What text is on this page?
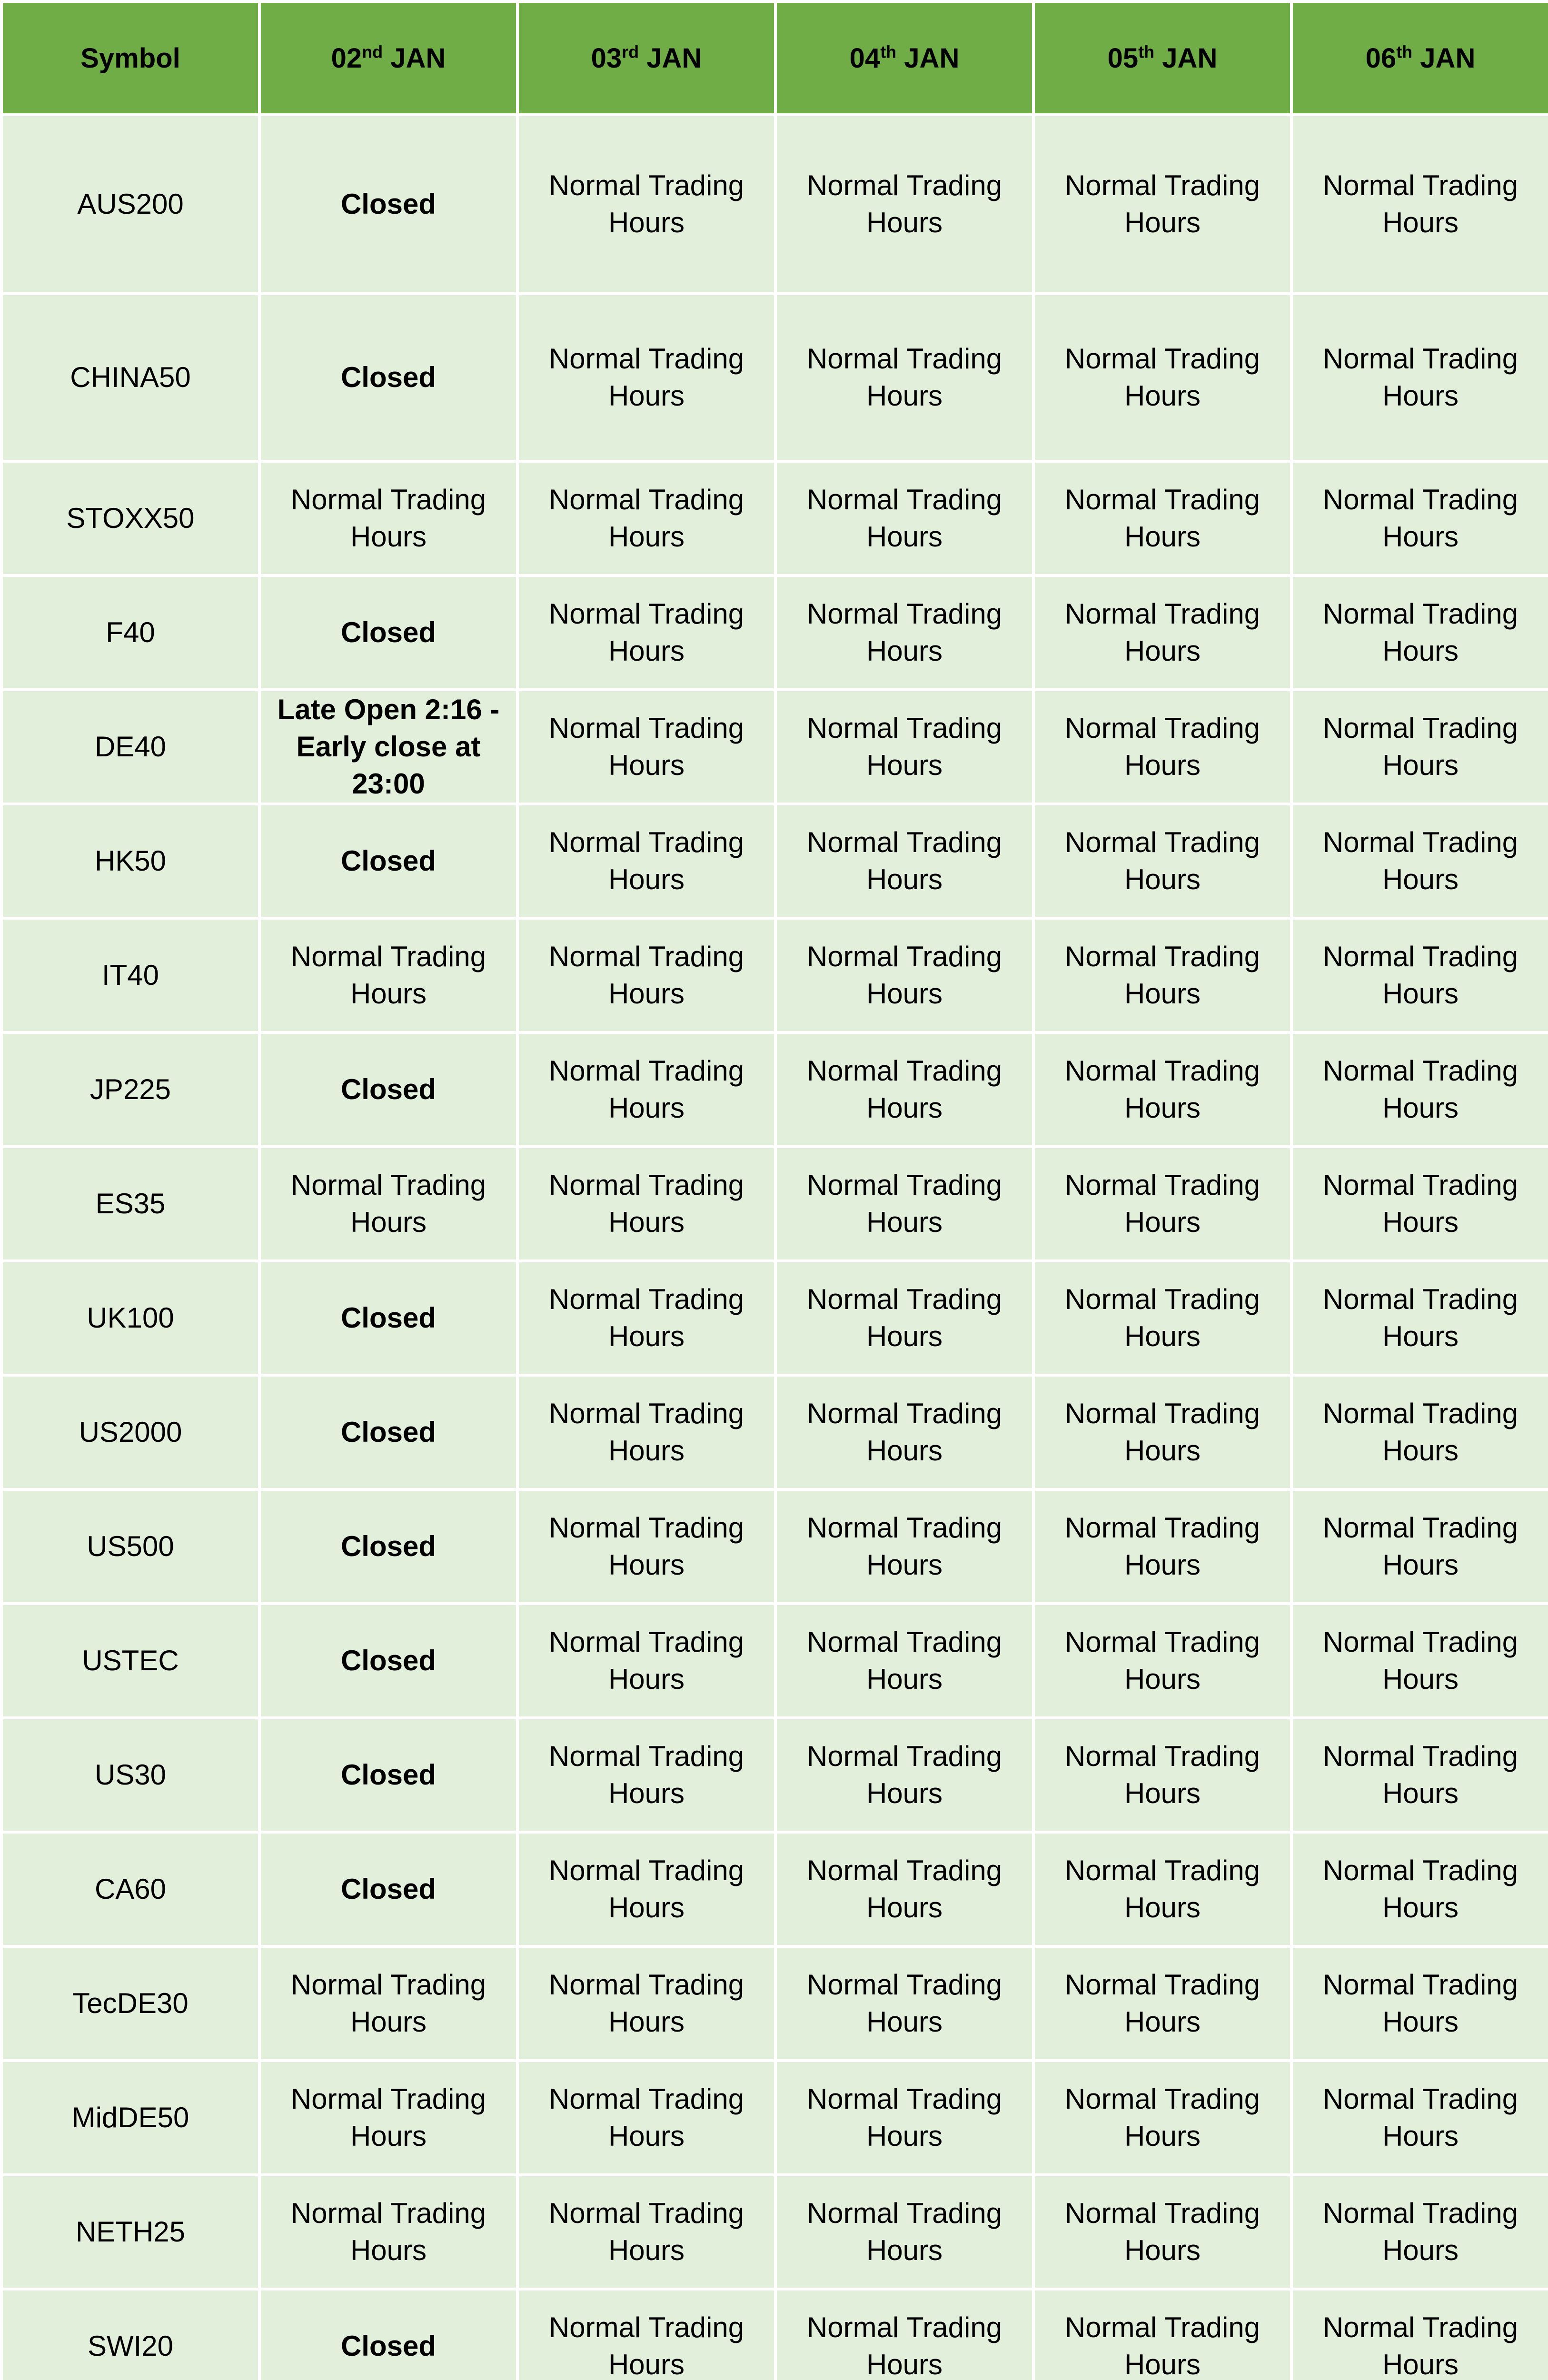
Symbol	02nd JAN	03rd JAN	04th JAN	05th JAN	06th JAN
AUS200	Closed	Normal Trading Hours	Normal Trading Hours	Normal Trading Hours	Normal Trading Hours
CHINA50	Closed	Normal Trading Hours	Normal Trading Hours	Normal Trading Hours	Normal Trading Hours
STOXX50	Normal Trading Hours	Normal Trading Hours	Normal Trading Hours	Normal Trading Hours	Normal Trading Hours
F40	Closed	Normal Trading Hours	Normal Trading Hours	Normal Trading Hours	Normal Trading Hours
DE40	Late Open 2:16 - Early close at 23:00	Normal Trading Hours	Normal Trading Hours	Normal Trading Hours	Normal Trading Hours
HK50	Closed	Normal Trading Hours	Normal Trading Hours	Normal Trading Hours	Normal Trading Hours
IT40	Normal Trading Hours	Normal Trading Hours	Normal Trading Hours	Normal Trading Hours	Normal Trading Hours
JP225	Closed	Normal Trading Hours	Normal Trading Hours	Normal Trading Hours	Normal Trading Hours
ES35	Normal Trading Hours	Normal Trading Hours	Normal Trading Hours	Normal Trading Hours	Normal Trading Hours
UK100	Closed	Normal Trading Hours	Normal Trading Hours	Normal Trading Hours	Normal Trading Hours
US2000	Closed	Normal Trading Hours	Normal Trading Hours	Normal Trading Hours	Normal Trading Hours
US500	Closed	Normal Trading Hours	Normal Trading Hours	Normal Trading Hours	Normal Trading Hours
USTEC	Closed	Normal Trading Hours	Normal Trading Hours	Normal Trading Hours	Normal Trading Hours
US30	Closed	Normal Trading Hours	Normal Trading Hours	Normal Trading Hours	Normal Trading Hours
CA60	Closed	Normal Trading Hours	Normal Trading Hours	Normal Trading Hours	Normal Trading Hours
TecDE30	Normal Trading Hours	Normal Trading Hours	Normal Trading Hours	Normal Trading Hours	Normal Trading Hours
MidDE50	Normal Trading Hours	Normal Trading Hours	Normal Trading Hours	Normal Trading Hours	Normal Trading Hours
NETH25	Normal Trading Hours	Normal Trading Hours	Normal Trading Hours	Normal Trading Hours	Normal Trading Hours
SWI20	Closed	Normal Trading Hours	Normal Trading Hours	Normal Trading Hours	Normal Trading Hours
